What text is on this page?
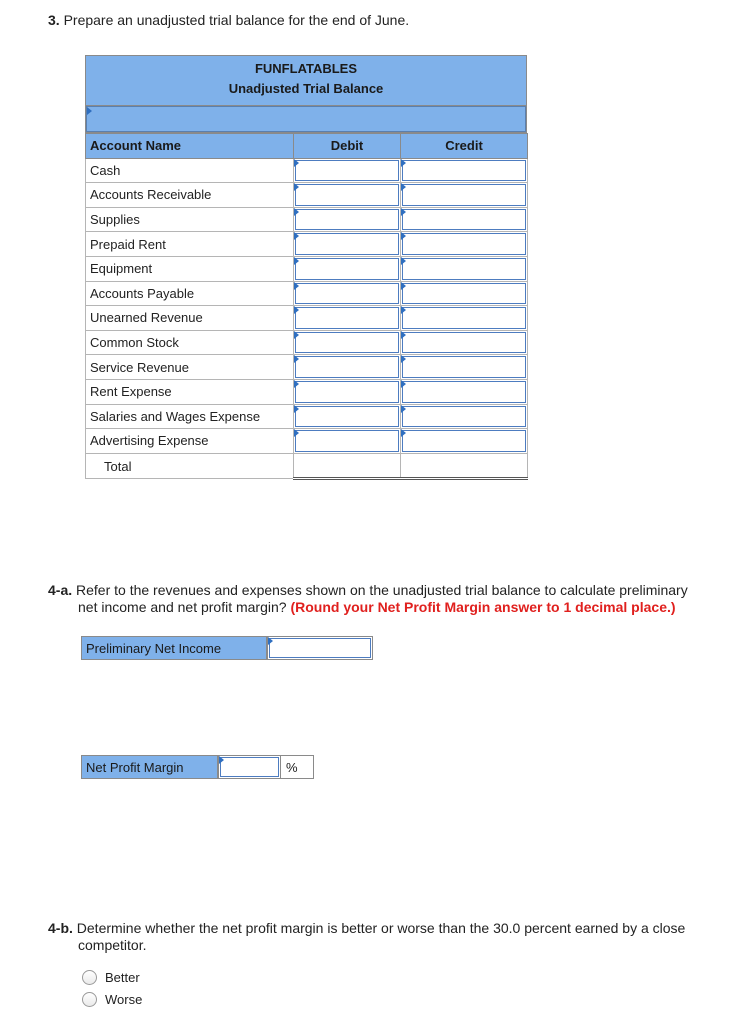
3. Prepare an unadjusted trial balance for the end of June.
FUNFLATABLES
Unadjusted Trial Balance
Account Name	Debit	Credit
Cash	

Accounts Receivable	

Supplies	

Prepaid Rent	

Equipment	

Accounts Payable	

Unearned Revenue	

Common Stock	

Service Revenue	

Rent Expense	

Salaries and Wages Expense	

Advertising Expense	

Total		
4-a. Refer to the revenues and expenses shown on the unadjusted trial balance to calculate preliminary
net income and net profit margin? (Round your Net Profit Margin answer to 1 decimal place.)
Preliminary Net Income
Net Profit Margin	%
4-b. Determine whether the net profit margin is better or worse than the 30.0 percent earned by a close
competitor.
Better
Worse
